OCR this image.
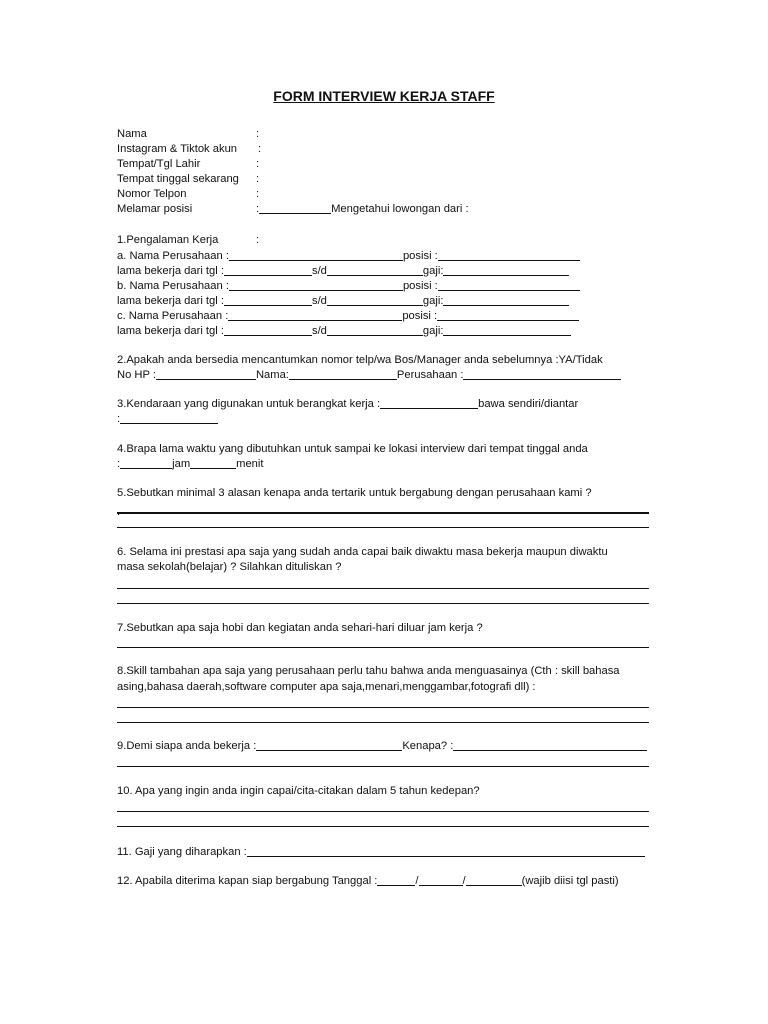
FORM INTERVIEW KERJA STAFF
Nama	:
Instagram & Tiktok akun :
Tempat/Tgl Lahir	:
Tempat tinggal sekarang :
Nomor Telpon	:
Melamar posisi	:	Mengetahui lowongan dari :
1.Pengalaman Kerja	:
a. Nama Perusahaan :	posisi :
lama bekerja dari tgl :	s/d	gaji:
b. Nama Perusahaan :	posisi :
lama bekerja dari tgl :	s/d	gaji:
c. Nama Perusahaan :	posisi :
lama bekerja dari tgl :	s/d	gaji:
2.Apakah anda bersedia mencantumkan nomor telp/wa Bos/Manager anda sebelumnya :YA/Tidak
No HP :	Nama:	Perusahaan :
3.Kendaraan yang digunakan untuk berangkat kerja :	bawa sendiri/diantar
:
4.Brapa lama waktu yang dibutuhkan untuk sampai ke lokasi interview dari tempat tinggal anda
:	jam	menit
5.Sebutkan minimal 3 alasan kenapa anda tertarik untuk bergabung dengan perusahaan kami ?
.
.
6. Selama ini prestasi apa saja yang sudah anda capai baik diwaktu masa bekerja maupun diwaktu
masa sekolah(belajar) ? Silahkan dituliskan ?
7.Sebutkan apa saja hobi dan kegiatan anda sehari-hari diluar jam kerja ?
8.Skill tambahan apa saja yang perusahaan perlu tahu bahwa anda menguasainya (Cth : skill bahasa
asing,bahasa daerah,software computer apa saja,menari,menggambar,fotografi dll) :
9.Demi siapa anda bekerja :	Kenapa? :
10. Apa yang ingin anda ingin capai/cita-citakan dalam 5 tahun kedepan?
11. Gaji yang diharapkan :
12. Apabila diterima kapan siap bergabung Tanggal :	/	/	(wajib diisi tgl pasti)
